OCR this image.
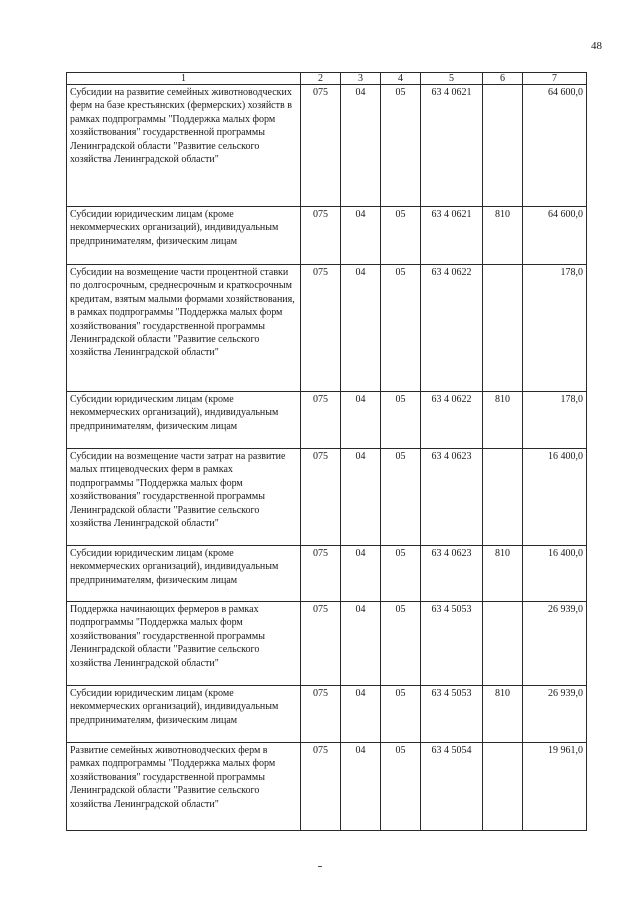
48
1	2	3	4	5	6	7
Субсидии на развитие семейных животноводческих ферм на базе крестьянских (фермерских) хозяйств в рамках подпрограммы "Поддержка малых форм хозяйствования" государственной программы Ленинградской области "Развитие сельского хозяйства Ленинградской области"	075	04	05	63 4 0621		64 600,0
Субсидии юридическим лицам (кроме некоммерческих организаций), индивидуальным предпринимателям, физическим лицам	075	04	05	63 4 0621	810	64 600,0
Субсидии на возмещение части процентной ставки по долгосрочным, среднесрочным и краткосрочным кредитам, взятым малыми формами хозяйствования, в рамках подпрограммы "Поддержка малых форм хозяйствования" государственной программы Ленинградской области "Развитие сельского хозяйства Ленинградской области"	075	04	05	63 4 0622		178,0
Субсидии юридическим лицам (кроме некоммерческих организаций), индивидуальным предпринимателям, физическим лицам	075	04	05	63 4 0622	810	178,0
Субсидии на возмещение части затрат на развитие малых птицеводческих ферм в рамках подпрограммы "Поддержка малых форм хозяйствования" государственной программы Ленинградской области "Развитие сельского хозяйства Ленинградской области"	075	04	05	63 4 0623		16 400,0
Субсидии юридическим лицам (кроме некоммерческих организаций), индивидуальным предпринимателям, физическим лицам	075	04	05	63 4 0623	810	16 400,0
Поддержка начинающих фермеров в рамках подпрограммы "Поддержка малых форм хозяйствования" государственной программы Ленинградской области "Развитие сельского хозяйства Ленинградской области"	075	04	05	63 4 5053		26 939,0
Субсидии юридическим лицам (кроме некоммерческих организаций), индивидуальным предпринимателям, физическим лицам	075	04	05	63 4 5053	810	26 939,0
Развитие семейных животноводческих ферм в рамках подпрограммы "Поддержка малых форм хозяйствования" государственной программы Ленинградской области "Развитие сельского хозяйства Ленинградской области"	075	04	05	63 4 5054		19 961,0
